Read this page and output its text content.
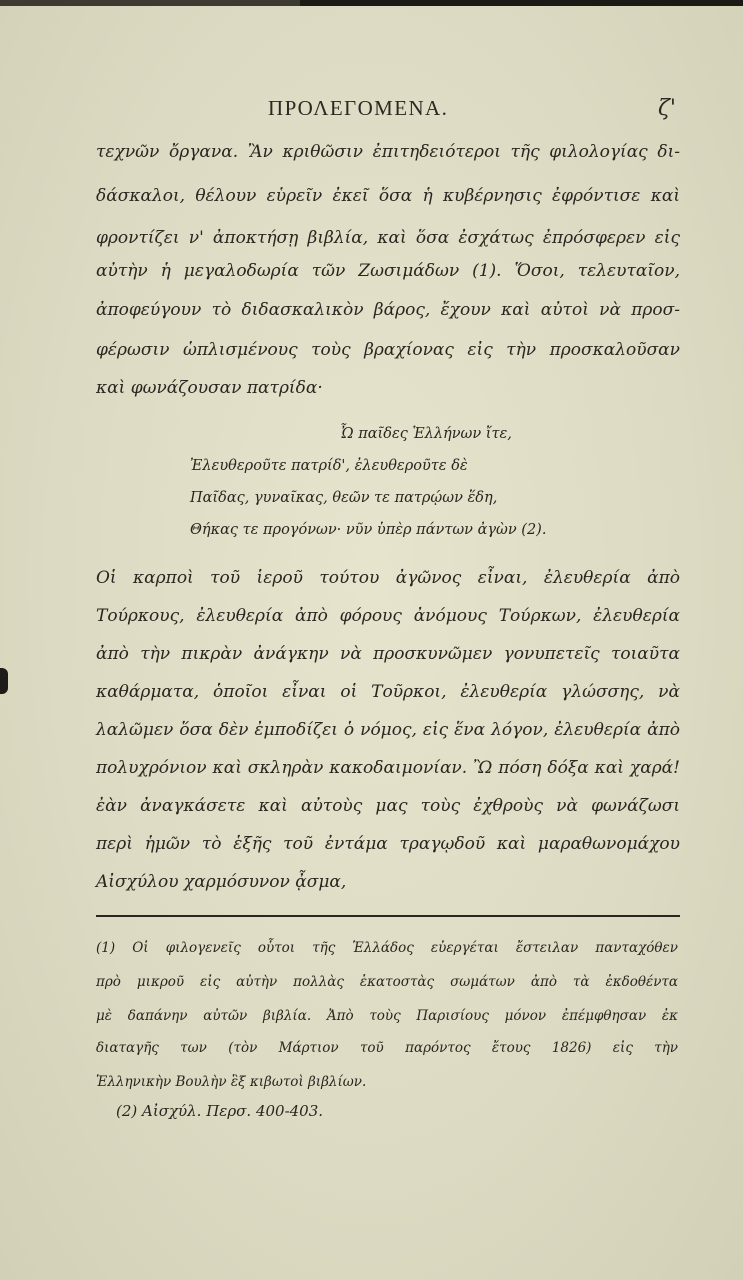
ΠΡΟΛΕΓΟΜΕΝΑ.	ζ'
τεχνῶν ὄργανα. Ἂν κριθῶσιν ἐπιτηδειότεροι τῆς φιλολογίας δι-
δάσκαλοι, θέλουν εὑρεῖν ἐκεῖ ὅσα ἡ κυβέρνησις ἐφρόντισε καὶ
φροντίζει ν' ἀποκτήσῃ βιβλία, καὶ ὅσα ἐσχάτως ἐπρόσφερεν εἰς
αὐτὴν ἡ μεγαλοδωρία τῶν Ζωσιμάδων (1). Ὅσοι, τελευταῖον,
ἀποφεύγουν τὸ διδασκαλικὸν βάρος, ἔχουν καὶ αὐτοὶ νὰ προσ-
φέρωσιν ὡπλισμένους τοὺς βραχίονας εἰς τὴν προσκαλοῦσαν
καὶ φωνάζουσαν πατρίδα·
Ὦ παῖδες Ἑλλήνων ἴτε,
Ἐλευθεροῦτε πατρίδ', ἐλευθεροῦτε δὲ
Παῖδας, γυναῖκας, θεῶν τε πατρῴων ἕδη,
Θήκας τε προγόνων· νῦν ὑπὲρ πάντων ἀγὼν (2).
Οἱ καρποὶ τοῦ ἱεροῦ τούτου ἀγῶνος εἶναι, ἐλευθερία ἀπὸ
Τούρκους, ἐλευθερία ἀπὸ φόρους ἀνόμους Τούρκων, ἐλευθερία
ἀπὸ τὴν πικρὰν ἀνάγκην νὰ προσκυνῶμεν γονυπετεῖς τοιαῦτα
καθάρματα, ὁποῖοι εἶναι οἱ Τοῦρκοι, ἐλευθερία γλώσσης, νὰ
λαλῶμεν ὅσα δὲν ἐμποδίζει ὁ νόμος, εἰς ἕνα λόγον, ἐλευθερία ἀπὸ
πολυχρόνιον καὶ σκληρὰν κακοδαιμονίαν. Ὢ πόση δόξα καὶ χαρά!
ἐὰν ἀναγκάσετε καὶ αὐτοὺς μας τοὺς ἐχθροὺς νὰ φωνάζωσι
περὶ ἡμῶν τὸ ἑξῆς τοῦ ἐντάμα τραγῳδοῦ καὶ μαραθωνομάχου
Αἰσχύλου χαρμόσυνον ᾆσμα,
(1) Οἱ φιλογενεῖς οὗτοι τῆς Ἑλλάδος εὐεργέται ἔστειλαν πανταχόθεν
πρὸ μικροῦ εἰς αὐτὴν πολλὰς ἑκατοστὰς σωμάτων ἀπὸ τὰ ἐκδοθέντα
μὲ δαπάνην αὐτῶν βιβλία. Ἀπὸ τοὺς Παρισίους μόνον ἐπέμφθησαν ἐκ
διαταγῆς των (τὸν Μάρτιον τοῦ παρόντος ἔτους 1826) εἰς τὴν
Ἑλληνικὴν Βουλὴν ἓξ κιβωτοὶ βιβλίων.
(2) Αἰσχύλ. Περσ. 400-403.
